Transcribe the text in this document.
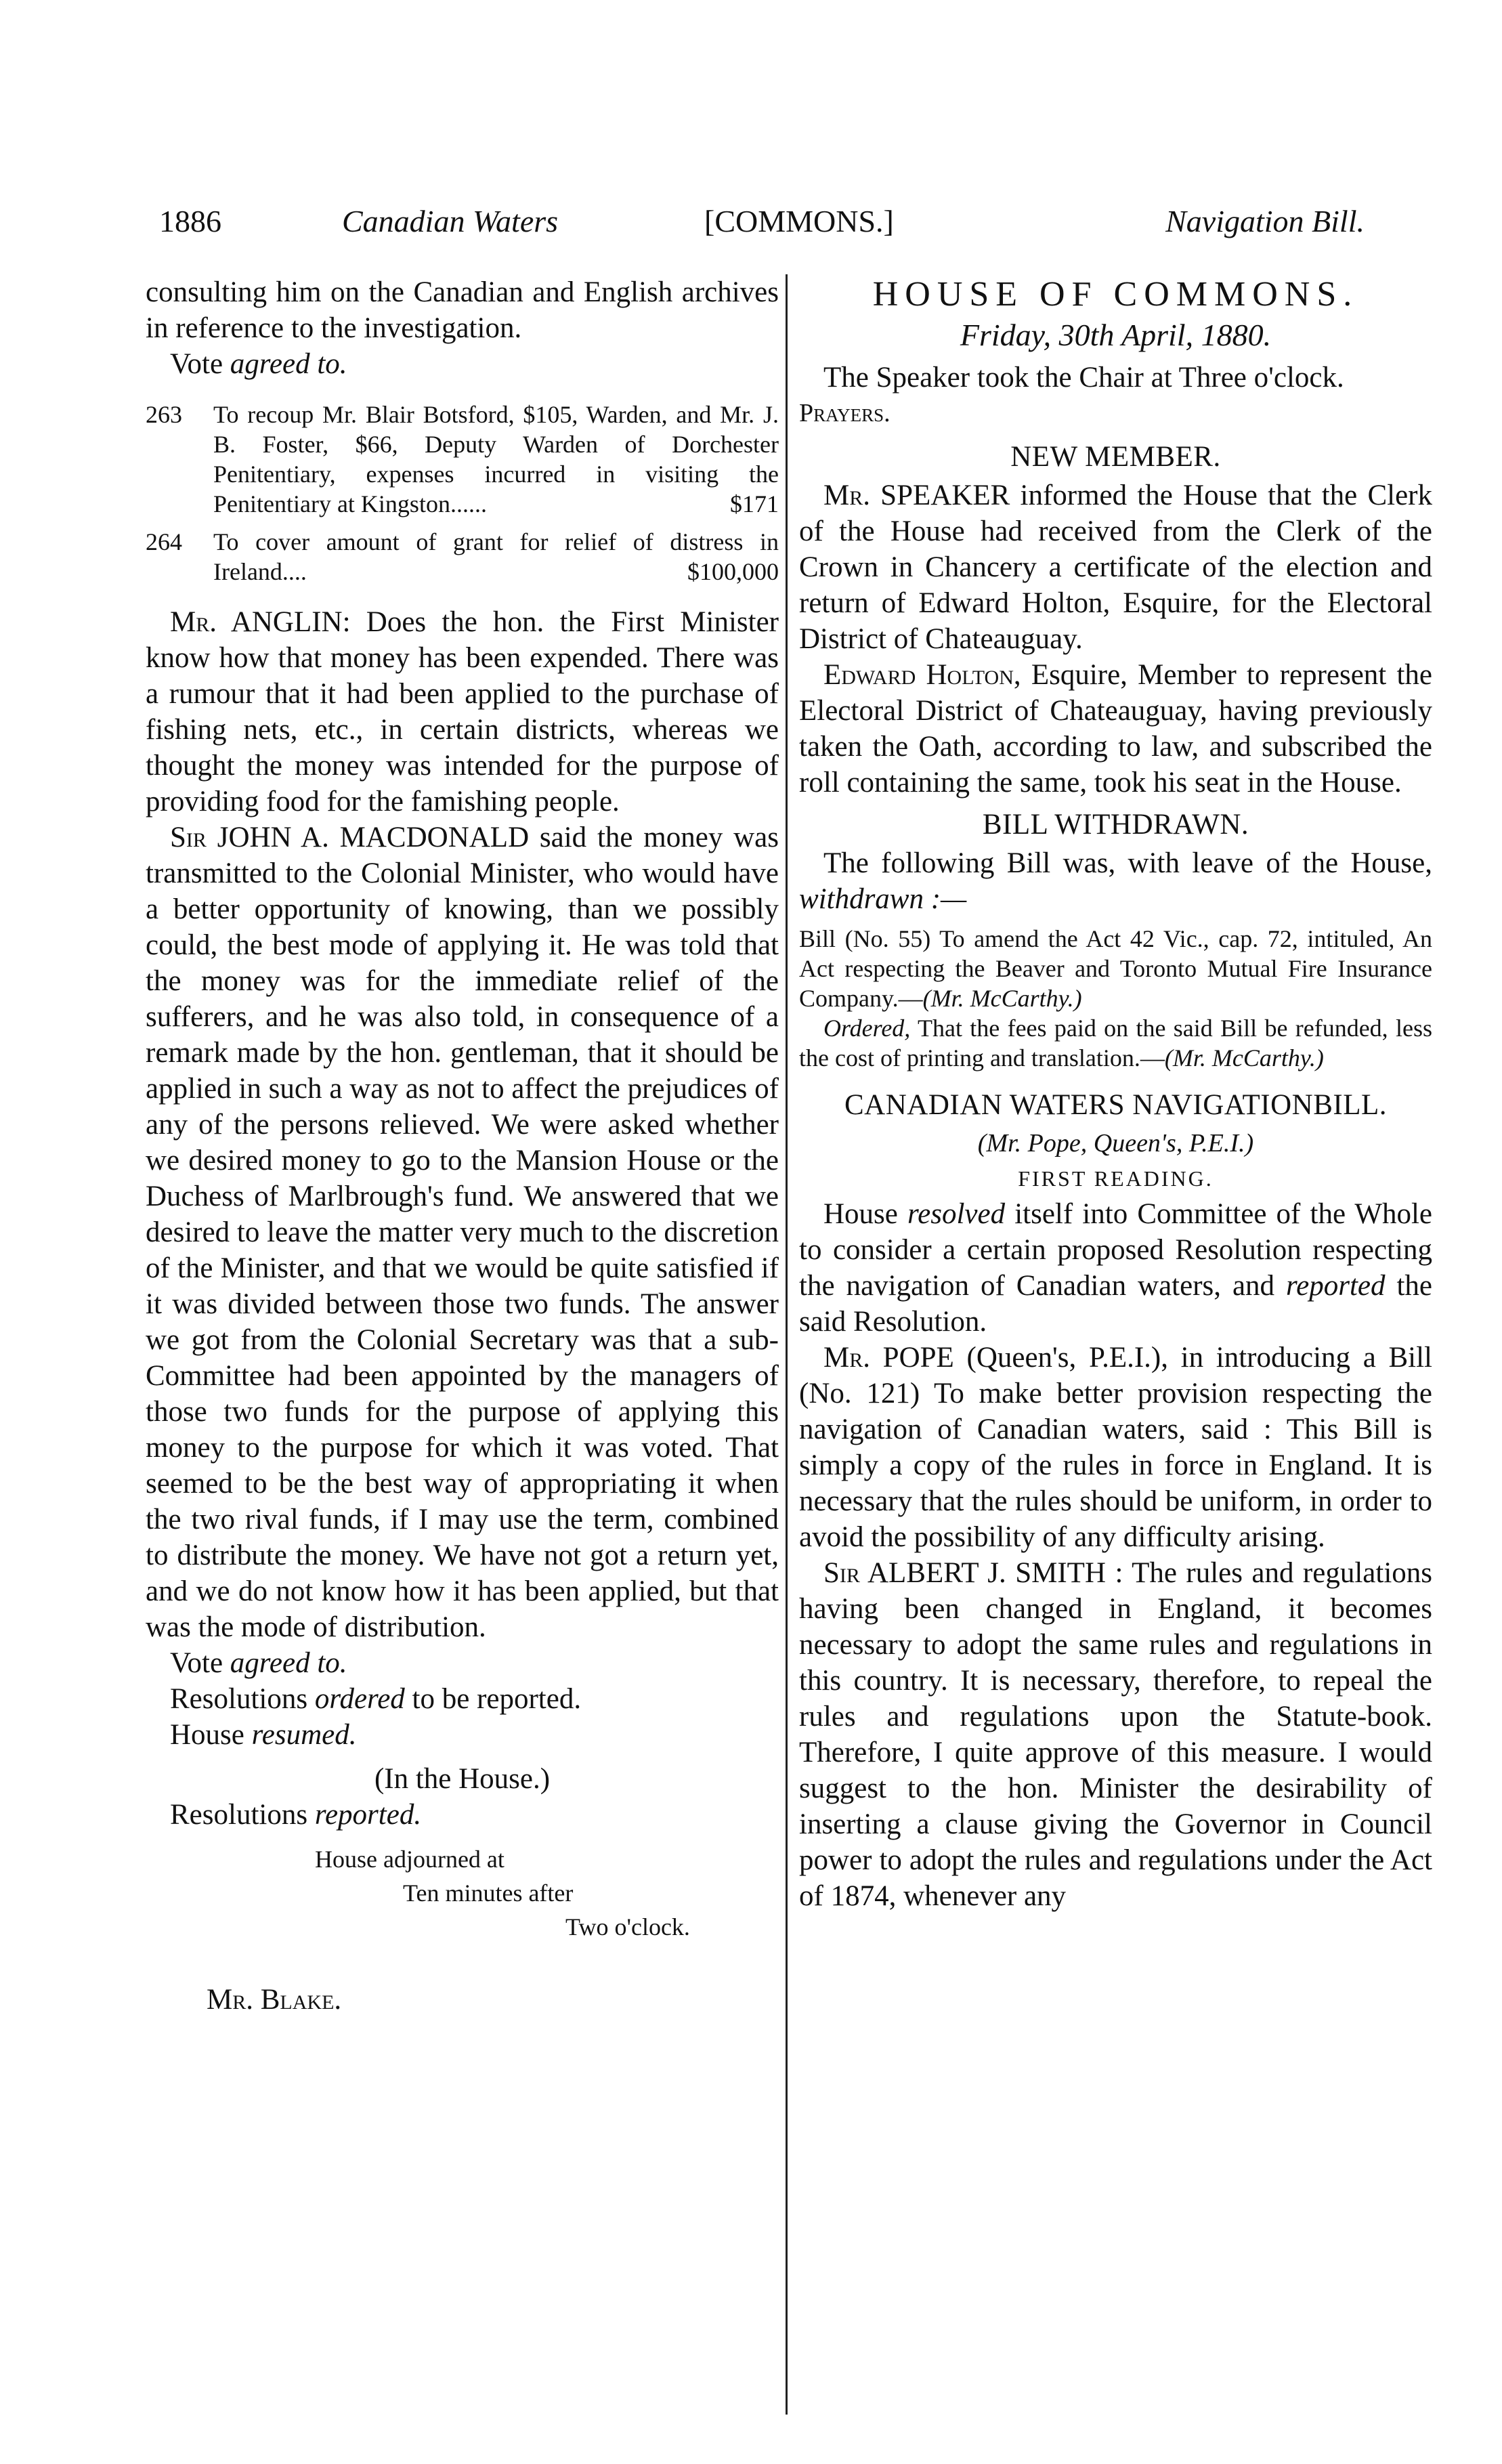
1886	Canadian Waters	[COMMONS.]	Navigation Bill.

consulting him on the Canadian and English archives in reference to the investigation.

Vote agreed to.

263 To recoup Mr. Blair Botsford, $105, Warden, and Mr. J. B. Foster, $66, Deputy Warden of Dorchester Penitentiary, expenses incurred in visiting the Penitentiary at Kingston......	$171
264 To cover amount of grant for relief of distress in Ireland....	$100,000

Mr. ANGLIN: Does the hon. the First Minister know how that money has been expended. There was a rumour that it had been applied to the purchase of fishing nets, etc., in certain districts, whereas we thought the money was intended for the purpose of providing food for the famishing people.

Sir JOHN A. MACDONALD said the money was transmitted to the Colonial Minister, who would have a better opportunity of knowing, than we possibly could, the best mode of applying it. He was told that the money was for the immediate relief of the sufferers, and he was also told, in consequence of a remark made by the hon. gentleman, that it should be applied in such a way as not to affect the prejudices of any of the persons relieved. We were asked whether we desired money to go to the Mansion House or the Duchess of Marlbrough's fund. We answered that we desired to leave the matter very much to the discretion of the Minister, and that we would be quite satisfied if it was divided between those two funds. The answer we got from the Colonial Secretary was that a sub-Committee had been appointed by the managers of those two funds for the purpose of applying this money to the purpose for which it was voted. That seemed to be the best way of appropriating it when the two rival funds, if I may use the term, combined to distribute the money. We have not got a return yet, and we do not know how it has been applied, but that was the mode of distribution.

Vote agreed to.

Resolutions ordered to be reported.

House resumed.

(In the House.)

Resolutions reported.

House adjourned at
Ten minutes after
Two o'clock.

Mr. Blake.

HOUSE OF COMMONS.
Friday, 30th April, 1880.

The Speaker took the Chair at Three o'clock.

Prayers.

NEW MEMBER.

Mr. SPEAKER informed the House that the Clerk of the House had received from the Clerk of the Crown in Chancery a certificate of the election and return of Edward Holton, Esquire, for the Electoral District of Chateauguay.

Edward Holton, Esquire, Member to represent the Electoral District of Chateauguay, having previously taken the Oath, according to law, and subscribed the roll containing the same, took his seat in the House.

BILL WITHDRAWN.

The following Bill was, with leave of the House, withdrawn :—

Bill (No. 55) To amend the Act 42 Vic., cap. 72, intituled, An Act respecting the Beaver and Toronto Mutual Fire Insurance Company.—(Mr. McCarthy.)

Ordered, That the fees paid on the said Bill be refunded, less the cost of printing and translation.—(Mr. McCarthy.)

CANADIAN WATERS NAVIGATIONBILL.
(Mr. Pope, Queen's, P.E.I.)
FIRST READING.

House resolved itself into Committee of the Whole to consider a certain proposed Resolution respecting the navigation of Canadian waters, and reported the said Resolution.

Mr. POPE (Queen's, P.E.I.), in introducing a Bill (No. 121) To make better provision respecting the navigation of Canadian waters, said : This Bill is simply a copy of the rules in force in England. It is necessary that the rules should be uniform, in order to avoid the possibility of any difficulty arising.

Sir ALBERT J. SMITH : The rules and regulations having been changed in England, it becomes necessary to adopt the same rules and regulations in this country. It is necessary, therefore, to repeal the rules and regulations upon the Statute-book. Therefore, I quite approve of this measure. I would suggest to the hon. Minister the desirability of inserting a clause giving the Governor in Council power to adopt the rules and regulations under the Act of 1874, whenever any
